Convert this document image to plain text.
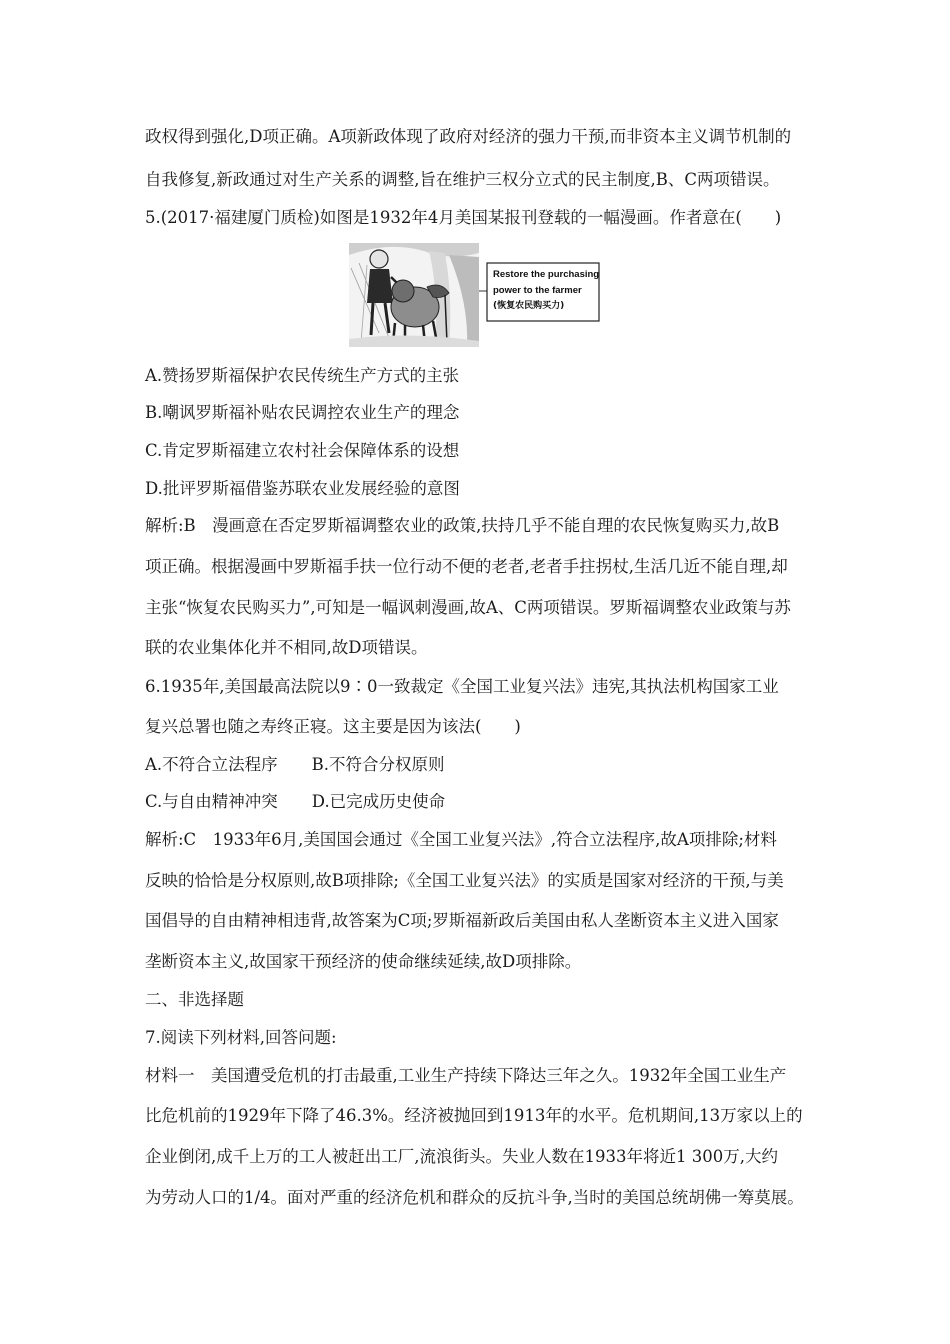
政权得到强化,D项正确。A项新政体现了政府对经济的强力干预,而非资本主义调节机制的
自我修复,新政通过对生产关系的调整,旨在维护三权分立式的民主制度,B、C两项错误。
5.(2017·福建厦门质检)如图是1932年4月美国某报刊登载的一幅漫画。作者意在(　　)
Restore the purchasing
power to the farmer
(恢复农民购买力)
A.赞扬罗斯福保护农民传统生产方式的主张
B.嘲讽罗斯福补贴农民调控农业生产的理念
C.肯定罗斯福建立农村社会保障体系的设想
D.批评罗斯福借鉴苏联农业发展经验的意图
解析:B　漫画意在否定罗斯福调整农业的政策,扶持几乎不能自理的农民恢复购买力,故B
项正确。根据漫画中罗斯福手扶一位行动不便的老者,老者手拄拐杖,生活几近不能自理,却
主张“恢复农民购买力”,可知是一幅讽刺漫画,故A、C两项错误。罗斯福调整农业政策与苏
联的农业集体化并不相同,故D项错误。
6.1935年,美国最高法院以9∶0一致裁定《全国工业复兴法》违宪,其执法机构国家工业
复兴总署也随之寿终正寝。这主要是因为该法(　　)
A.不符合立法程序 B.不符合分权原则
C.与自由精神冲突 D.已完成历史使命
解析:C　1933年6月,美国国会通过《全国工业复兴法》,符合立法程序,故A项排除;材料
反映的恰恰是分权原则,故B项排除;《全国工业复兴法》的实质是国家对经济的干预,与美
国倡导的自由精神相违背,故答案为C项;罗斯福新政后美国由私人垄断资本主义进入国家
垄断资本主义,故国家干预经济的使命继续延续,故D项排除。
二、非选择题
7.阅读下列材料,回答问题:
材料一　美国遭受危机的打击最重,工业生产持续下降达三年之久。1932年全国工业生产
比危机前的1929年下降了46.3%。经济被抛回到1913年的水平。危机期间,13万家以上的
企业倒闭,成千上万的工人被赶出工厂,流浪街头。失业人数在1933年将近1 300万,大约
为劳动人口的1/4。面对严重的经济危机和群众的反抗斗争,当时的美国总统胡佛一筹莫展。
